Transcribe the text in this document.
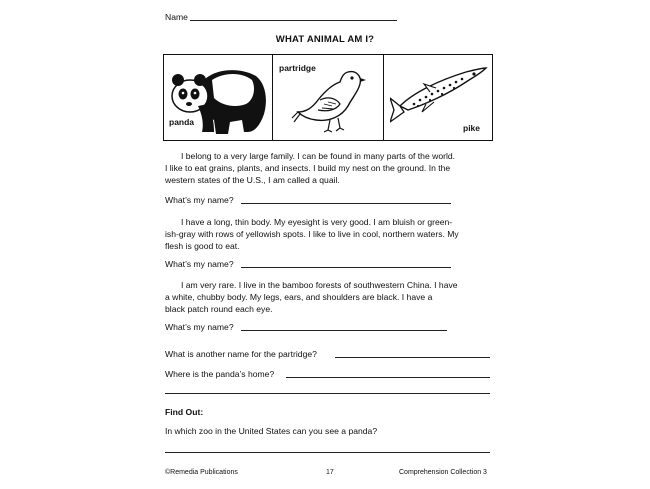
Name
WHAT ANIMAL AM I?
panda
partridge
pike
I belong to a very large family. I can be found in many parts of the world.
I like to eat grains, plants, and insects. I build my nest on the ground. In the
western states of the U.S., I am called a quail.
What’s my name?
I have a long, thin body. My eyesight is very good. I am bluish or green-
ish-gray with rows of yellowish spots. I like to live in cool, northern waters. My
flesh is good to eat.
What’s my name?
I am very rare. I live in the bamboo forests of southwestern China. I have
a white, chubby body. My legs, ears, and shoulders are black. I have a
black patch round each eye.
What’s my name?
What is another name for the partridge?
Where is the panda’s home?
Find Out:
In which zoo in the United States can you see a panda?
©Remedia Publications	17	Comprehension Collection 3
